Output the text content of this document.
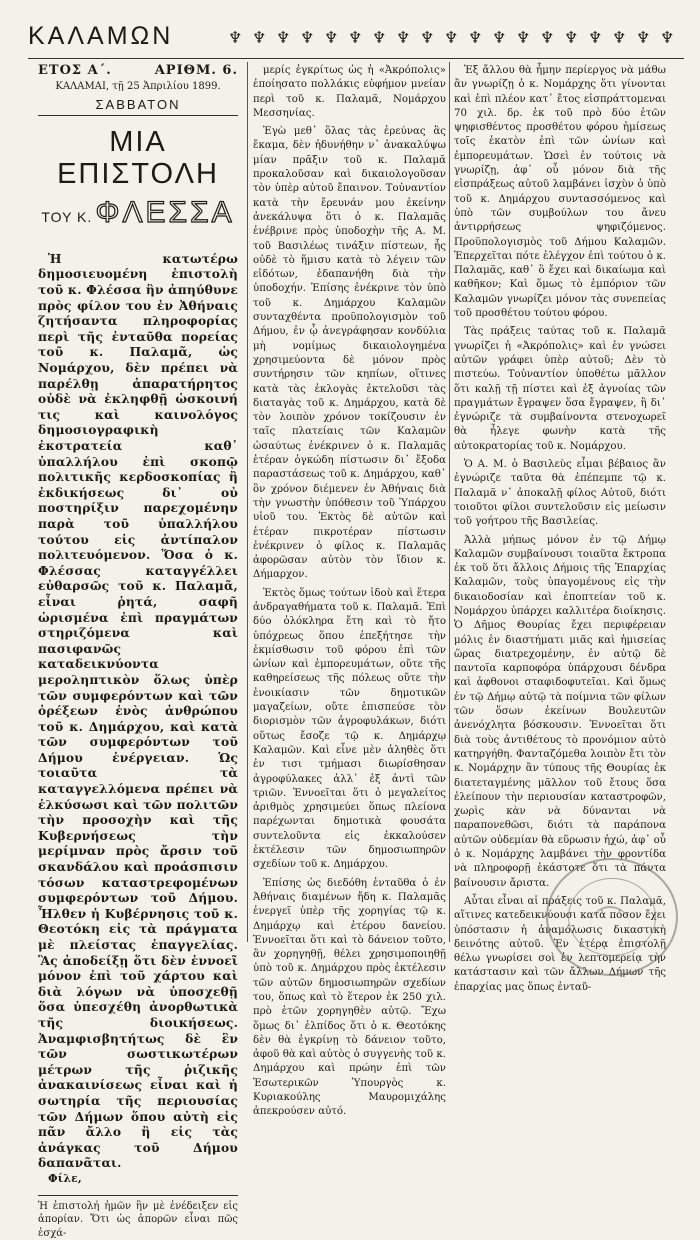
ΚΑΛΑΜΩΝ	♆ ♆ ♆ ♆ ♆ ♆ ♆ ♆ ♆ ♆ ♆ ♆ ♆ ♆ ♆ ♆ ♆ ♆ ♆
ΕΤΟΣ Α΄.	ΑΡΙΘΜ. 6.
ΚΑΛΑΜΑΙ, τῇ 25 Ἀπριλίου 1899.
ΣΑΒΒΑΤΟΝ
ΜΙΑ ΕΠΙΣΤΟΛΗ
ΤΟΥ Κ. ΦΛΕΣΣΑ

Ἡ κατωτέρω δημοσιευομένη ἐπιστολὴ τοῦ κ. Φλέσσα ἣν ἀπηύθυνε πρὸς φίλον του ἐν Ἀθήναις ζητήσαντα πληροφορίας περὶ τῆς ἐνταῦθα πορείας τοῦ κ. Παλαμᾶ, ὡς Νομάρχου, δὲν πρέπει νὰ παρέλθῃ ἀπαρατήρητος οὐδὲ νὰ ἐκληφθῇ ὡσκοινή τις καὶ καινολόγος δημοσιογραφικὴ ἐκστρατεία καθ᾽ ὑπαλλήλου ἐπὶ σκοπῷ πολιτικῆς κερδοσκοπίας ἢ ἐκδικήσεως δι᾽ οὐ ποστηρίξιν παρεχομένην παρὰ τοῦ ὑπαλλήλου τούτου εἰς ἀντίπαλον πολιτευόμενον. Ὅσα ὁ κ. Φλέσσας καταγγέλλει εὐθαρσῶς τοῦ κ. Παλαμᾶ, εἶναι ῥητά, σαφῆ ὡρισμένα ἐπὶ πραγμάτων στηριζόμενα καὶ πασιφανῶς καταδεικνύοντα μεροληπτικὸν ὅλως ὑπὲρ τῶν συμφερόντων καὶ τῶν ὀρέξεων ἑνὸς ἀνθρώπου τοῦ κ. Δημάρχου, καὶ κατὰ τῶν συμφερόντων τοῦ Δήμου ἐνέργειαν. Ὡς τοιαῦτα τὰ καταγγελλόμενα πρέπει νὰ ἑλκύσωσι καὶ τῶν πολιτῶν τὴν προσοχὴν καὶ τῆς Κυβερνήσεως τὴν μερίμναν πρὸς ἄρσιν τοῦ σκανδάλου καὶ προάσπισιν τόσων καταστρεφομένων συμφερόντων τοῦ Δήμου. Ἦλθεν ἡ Κυβέρνησις τοῦ κ. Θεοτόκη εἰς τὰ πράγματα μὲ πλείστας ἐπαγγελίας. Ἂς ἀποδείξῃ ὅτι δὲν ἐννοεῖ μόνον ἐπὶ τοῦ χάρτου καὶ διὰ λόγων νὰ ὑποσχεθῇ ὅσα ὑπεσχέθη ἀνορθωτικὰ τῆς διοικήσεως. Ἀναμφισβητήτως δὲ ἓν τῶν σωστικωτέρων μέτρων τῆς ῥιζικῆς ἀνακαινίσεως εἶναι καὶ ἡ σωτηρία τῆς περιουσίας τῶν Δήμων ὅπου αὐτὴ εἰς πᾶν ἄλλο ἢ εἰς τὰς ἀνάγκας τοῦ Δήμου δαπανᾶται.

Φίλε,

Ἡ ἐπιστολή ἡμῶν ἣν μὲ ἐνέδειξεν εἰς ἀπορίαν. Ὅτι ὡς ἀπορῶν εἶναι πῶς ἐσχά-

μερίς ἐγκρίτως ὡς ἡ «Ἀκρόπολις» ἐποίησατο πολλάκις εὐφήμον μνείαν περὶ τοῦ κ. Παλαμᾶ, Νομάρχου Μεσσηνίας.

Ἐγὼ μεθ᾽ ὅλας τὰς ἐρεύνας ἃς ἔκαμα, δὲν ἠδυνήθην ν᾽ ἀνακαλύψω μίαν πρᾶξιν τοῦ κ. Παλαμᾶ προκαλοῦσαν καὶ δικαιολογοῦσαν τὸν ὑπὲρ αὐτοῦ ἔπαινον. Τοὐναντίον κατὰ τὴν ἔρευνάν μου ἐκείνην ἀνεκάλυψα ὅτι ὁ κ. Παλαμᾶς ἐνέβρινε πρὸς ὑποδοχὴν τῆς Α. Μ. τοῦ Βασιλέως τινάξιν πίστεων, ἧς οὐδὲ τὸ ἥμισυ κατὰ τὸ λέγειν τῶν εἰδότων, ἐδαπανήθη διὰ τὴν ὑποδοχήν. Ἐπίσης ἐνέκρινε τὸν ὑπὸ τοῦ κ. Δημάρχου Καλαμῶν συνταχθέντα προϋπολογισμὸν τοῦ Δήμου, ἐν ᾧ ἀνεγράφησαν κονδύλια μὴ νομίμως δικαιολογημένα χρησιμεύοντα δὲ μόνον πρὸς συντήρησιν τῶν κηπίων, οἵτινες κατὰ τὰς ἐκλογὰς ἐκτελοῦσι τὰς διαταγὰς τοῦ κ. Δημάρχου, κατὰ δὲ τὸν λοιπὸν χρόνον τοκίζουσιν ἐν ταῖς πλατείαις τῶν Καλαμῶν ὡσαύτως ἐνέκρινεν ὁ κ. Παλαμᾶς ἑτέραν ὀγκώδη πίστωσιν δι᾽ ἔξοδα παραστάσεως τοῦ κ. Δημάρχου, καθ᾽ ὃν χρόνον διέμενεν ἐν Ἀθήναις διὰ τὴν γνωστὴν ὑπόθεσιν τοῦ Ὑπάρχου υἱοῦ του. Ἐκτὸς δὲ αὐτῶν καὶ ἑτέραν πικροτέραν πίστωσιν ἐνέκρινεν ὁ φίλος κ. Παλαμᾶς ἀφορῶσαν αὐτὸν τὸν ἴδιον κ. Δήμαρχον.

Ἐκτὸς ὅμως τούτων ἰδοὺ καὶ ἕτερα ἀνδραγαθήματα τοῦ κ. Παλαμᾶ. Ἐπὶ δύο ὁλόκληρα ἔτη καὶ τὸ ἤτο ὑπόχρεως ὅπου ἐπεξήτησε τὴν ἐκμίσθωσιν τοῦ φόρου ἐπὶ τῶν ὠνίων καὶ ἐμπορευμάτων, οὔτε τῆς καθηρείσεως τῆς πόλεως οὔτε τὴν ἐνοικίασιν τῶν δημοτικῶν μαγαζείων, οὔτε ἐπισπεύσε τὸν διορισμὸν τῶν ἀγροφυλάκων, διότι οὕτως ἔσοζε τῷ κ. Δημάρχῳ Καλαμῶν. Καὶ εἶνε μὲν ἀληθὲς ὅτι ἐν τισι τμήμασι διωρίσθησαν ἀγροφύλακες ἀλλ᾽ ἐξ ἀντὶ τῶν τριῶν. Ἐννοεῖται ὅτι ὁ μεγαλείτος ἀριθμὸς χρησιμεύει ὅπως πλείονα παρέχωνται δημοτικὰ φουσάτα συντελοῦντα εἰς ἐκκαλούσεν ἐκτέλεσιν τῶν δημοσιωπηρῶν σχεδίων τοῦ κ. Δημάρχου.

Ἐπίσης ὡς διεδόθη ἐνταῦθα ὁ ἐν Ἀθήναις διαμένων ἤδη κ. Παλαμᾶς ἐνεργεῖ ὑπὲρ τῆς χορηγίας τῷ κ. Δημάρχῳ καὶ ἑτέρου δανείου. Ἐννοεῖται ὅτι καὶ τὸ δάνειον τοῦτο, ἂν χορηγηθῇ, θέλει χρησιμοποιηθῇ ὑπὸ τοῦ κ. Δημάρχου πρὸς ἐκτέλεσιν τῶν αὐτῶν δημοσιωπηρῶν σχεδίων του, ὅπως καὶ τὸ ἕτερον ἐκ 250 χιλ. πρὸ ἐτῶν χορηγηθὲν αὐτῷ. Ἔχω ὅμως δι᾽ ἐλπίδος ὅτι ὁ κ. Θεοτόκης δὲν θὰ ἐγκρίνῃ τὸ δάνειον τοῦτο, ἀφοῦ θὰ καὶ αὐτὸς ὁ συγγενὴς τοῦ κ. Δημάρχου καὶ πρώην ἐπὶ τῶν Ἐσωτερικῶν Ὑπουργὸς κ. Κυριακούλης Μαυρομιχάλης ἀπεκρούσεν αὐτό.

Ἐξ ἄλλου θὰ ἦμην περίεργος νὰ μάθω ἂν γνωρίζῃ ὁ κ. Νομάρχης ὅτι γίνονται καὶ ἐπὶ πλέον κατ᾽ ἔτος εἰσπράττομεναι 70 χιλ. δρ. ἐκ τοῦ πρὸ δύο ἐτῶν ψηφισθέντος προσθέτου φόρου ἡμίσεως τοῖς ἑκατὸν ἐπὶ τῶν ὠνίων καὶ ἐμπορευμάτων. Ὡσεὶ ἐν τούτοις νὰ γνωρίζῃ, ἀφ᾽ οὗ μόνον διὰ τῆς εἰσπράξεως αὐτοῦ λαμβάνει ἰσχὺν ὁ ὑπὸ τοῦ κ. Δημάρχου συντασσόμενος καὶ ὑπὸ τῶν συμβούλων του ἄνευ ἀντιρρήσεως ψηφιζόμενος. Προϋπολογισμὸς τοῦ Δήμου Καλαμῶν. Ἐπερχεῖται πότε ἐλέγχον ἐπὶ τούτου ὁ κ. Παλαμᾶς, καθ᾽ ὃ ἔχει καὶ δικαίωμα καὶ καθῆκον; Καὶ ὅμως τὸ ἐμπόριον τῶν Καλαμῶν γνωρίζει μόνον τὰς συνεπείας τοῦ προσθέτου τούτου φόρου.

Τὰς πράξεις ταύτας τοῦ κ. Παλαμᾶ γνωρίζει ἡ «Ἀκρόπολις» καὶ ἐν γνώσει αὐτῶν γράφει ὑπὲρ αὐτοῦ; Δὲν τὸ πιστεύω. Τοὐναντίον ὑποθέτω μᾶλλον ὅτι καλῇ τῇ πίστει καὶ ἐξ ἀγνοίας τῶν πραγμάτων ἔγραψεν ὅσα ἔγραψεν, ἢ δι᾽ ἐγνώριζε τὰ συμβαίνοντα στενοχωρεῖ θὰ ἦλεγε φωνὴν κατὰ τῆς αὐτοκρατορίας τοῦ κ. Νομάρχου.

Ὁ Α. Μ. ὁ Βασιλεὺς εἶμαι βέβαιος ἂν ἐγνώριζε ταῦτα θὰ ἐπέπεμπε τῷ κ. Παλαμᾶ ν᾽ ἀποκαλῇ φίλος Αὐτοῦ, διότι τοιοῦτοι φίλοι συντελοῦσιν εἰς μείωσιν τοῦ γοήτρου τῆς Βασιλείας.

Ἀλλὰ μήπως μόνον ἐν τῷ Δήμῳ Καλαμῶν συμβαίνουσι τοιαῦτα ἔκτροπα ἐκ τοῦ ὅτι ἄλλοις Δήμοις τῆς Ἐπαρχίας Καλαμῶν, τοὺς ὑπαγομένους εἰς τὴν δικαιοδοσίαν καὶ ἐποπτείαν τοῦ κ. Νομάρχου ὑπάρχει καλλιτέρα διοίκησις. Ὁ Δῆμος Θουρίας ἔχει περιφέρειαν μόλις ἐν διαστήματι μιᾶς καὶ ἡμισείας ὥρας διατρεχομένην, ἐν αὐτῷ δὲ παντοῖα καρποφόρα ὑπάρχουσι δένδρα καὶ ἀφθονοι σταφιδοφυτεῖαι. Καὶ ὅμως ἐν τῷ Δήμῳ αὐτῷ τὰ ποίμνια τῶν φίλων τῶν ὅσων ἐκείνων Βουλευτῶν ἀνενόχλητα βόσκουσιν. Ἐννοεῖται ὅτι διὰ τοὺς ἀντιθέτους τὸ προνόμιον αὐτὸ κατηργήθη. Φανταζόμεθα λοιπὸν ἔτι τὸν κ. Νομάρχην ἂν τύπους τῆς Θουρίας ἐκ διατεταγμένης μᾶλλον τοῦ ἔτους ὅσα ἐλείπουν τὴν περιουσίαν καταστροφῶν, χωρὶς κὰν νὰ δύνανται νὰ παραπονεθῶσι, διότι τὰ παράπονα αὐτῶν οὐδεμίαν θὰ εὕρωσιν ἠχώ, ἀφ᾽ οὗ ὁ κ. Νομάρχης λαμβάνει τὴν φροντίδα νὰ πληροφορῇ ἑκάστοτε ὅτι τὰ πάντα βαίνουσιν ἄριστα.

Αὗται εἶναι αἱ πράξεις τοῦ κ. Παλαμᾶ, αἵτινες κατεδεικνύουσι κατὰ πόσον ἔχει ὑπόστασιν ἡ ἀναμόλωσις δικαστικὴ δεινότης αὐτοῦ. Ἐν ἑτέρᾳ ἐπιστολῇ θέλω γνωρίσει σοὶ ἐν λεπτομερείᾳ τὴν κατάστασιν καὶ τῶν ἄλλων Δήμων τῆς ἐπαρχίας μας ὅπως ἐνταῦ-
